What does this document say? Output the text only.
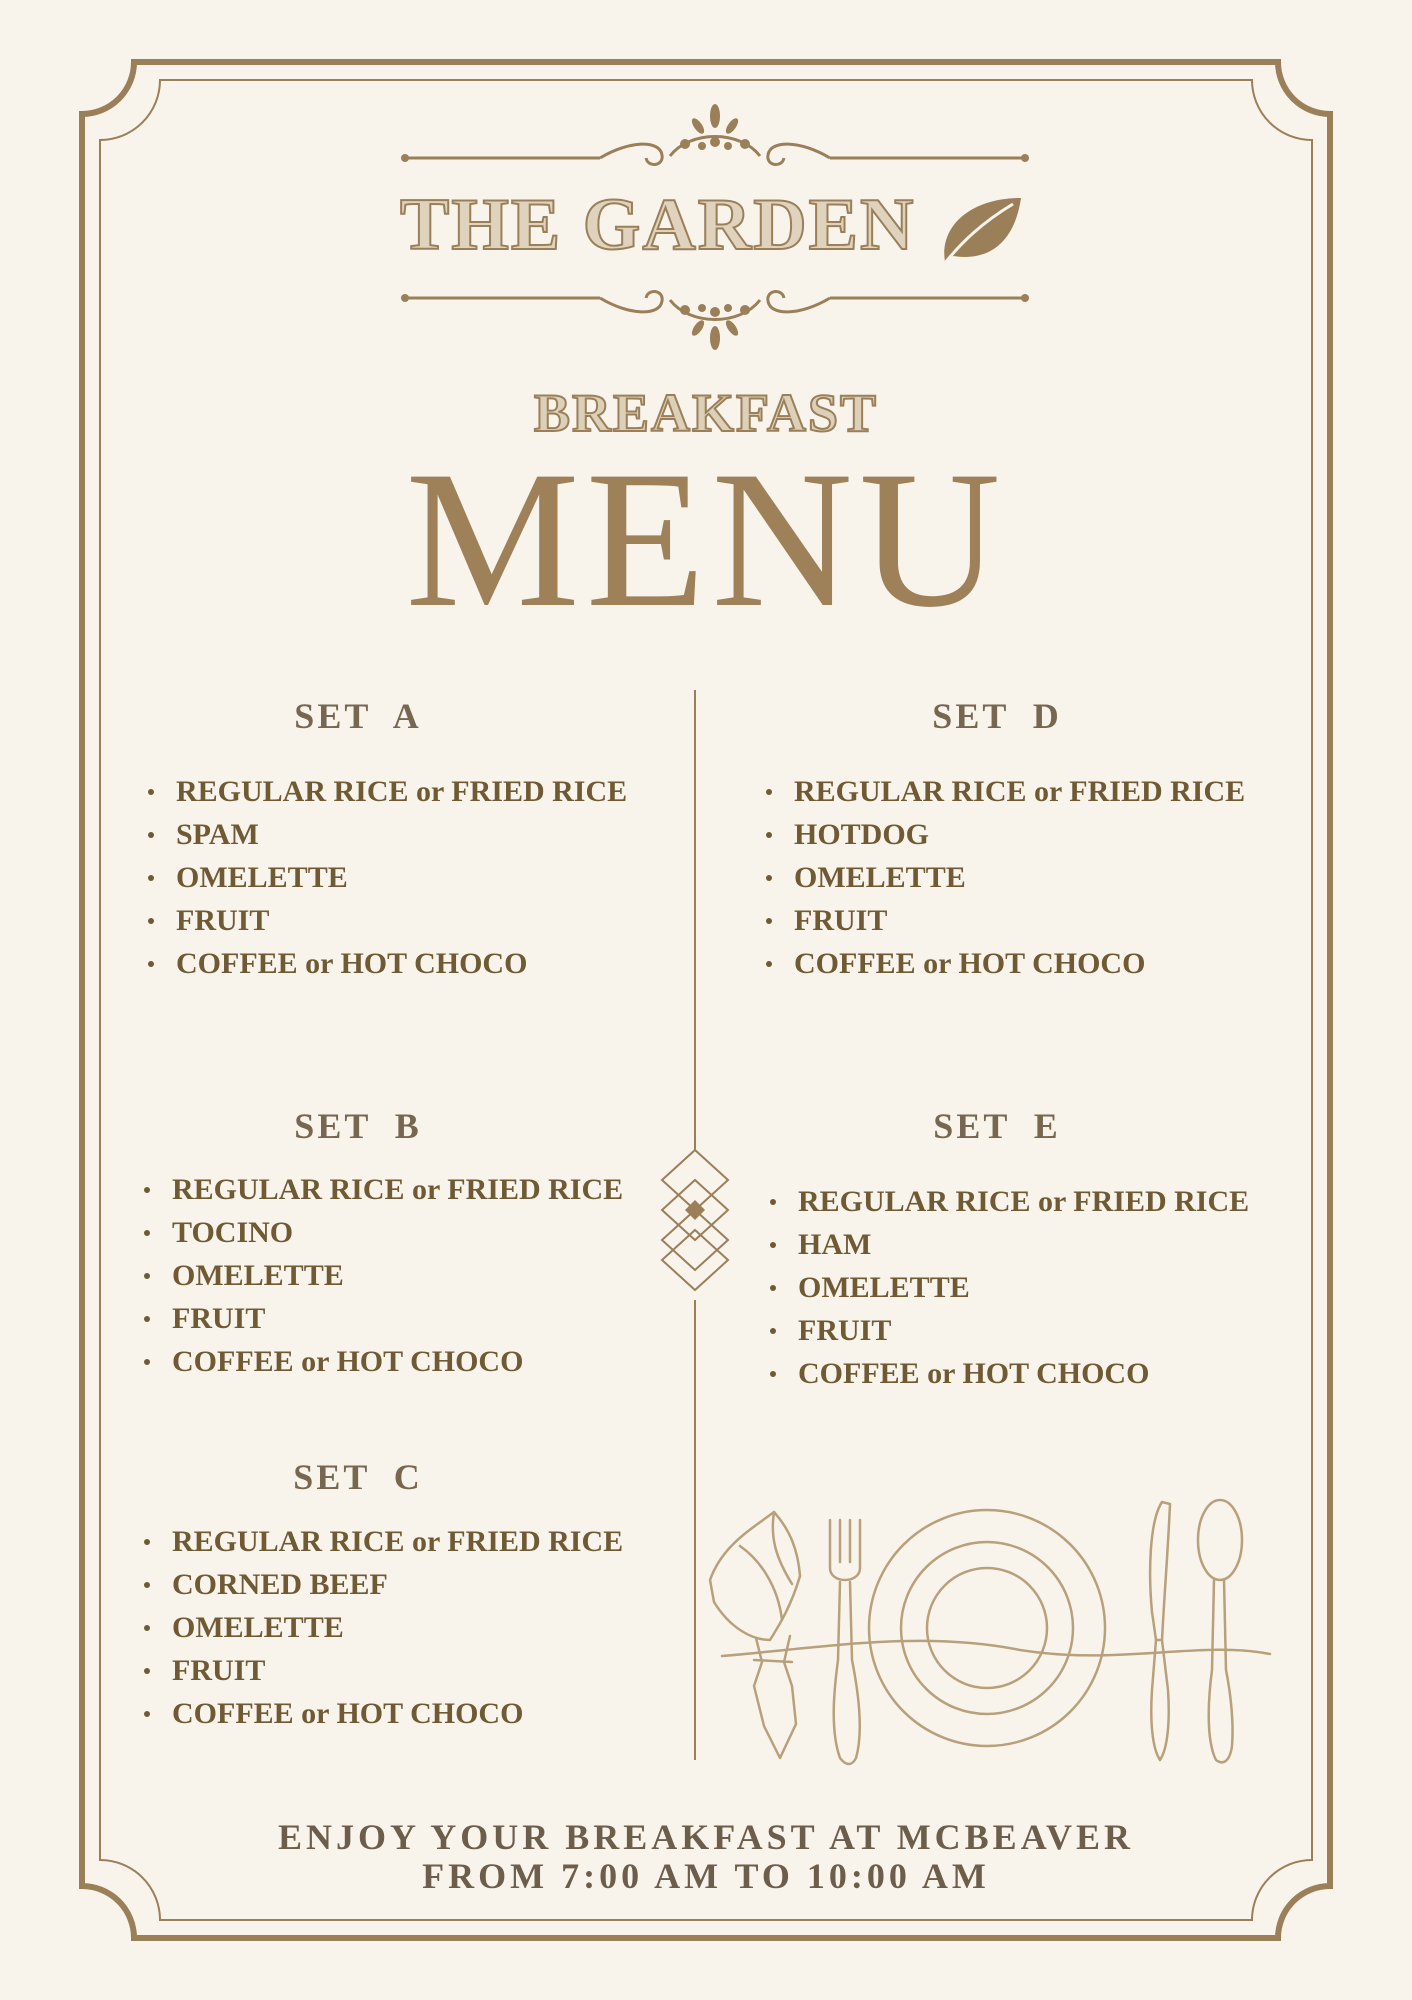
THE GARDEN
BREAKFAST
MENU
SET  A
REGULAR RICE or FRIED RICE
SPAM
OMELETTE
FRUIT
COFFEE or HOT CHOCO
SET  B
REGULAR RICE or FRIED RICE
TOCINO
OMELETTE
FRUIT
COFFEE or HOT CHOCO
SET  C
REGULAR RICE or FRIED RICE
CORNED BEEF
OMELETTE
FRUIT
COFFEE or HOT CHOCO
SET  D
REGULAR RICE or FRIED RICE
HOTDOG
OMELETTE
FRUIT
COFFEE or HOT CHOCO
SET  E
REGULAR RICE or FRIED RICE
HAM
OMELETTE
FRUIT
COFFEE or HOT CHOCO
ENJOY YOUR BREAKFAST AT MCBEAVER
FROM 7:00 AM TO 10:00 AM
